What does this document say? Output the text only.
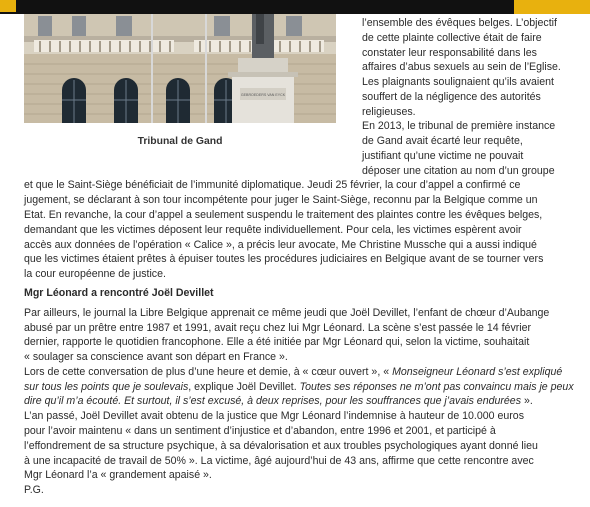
GEBROEDERS VAN EYCK
Tribunal de Gand
l’ensemble des évêques belges. L’objectif
de cette plainte collective était de faire
constater leur responsabilité dans les
affaires d’abus sexuels au sein de l’Eglise.
Les plaignants soulignaient qu’ils avaient
souffert de la négligence des autorités
religieuses.
En 2013, le tribunal de première instance
de Gand avait écarté leur requête,
justifiant qu’une victime ne pouvait
déposer une citation au nom d’un groupe
et que le Saint-Siège bénéficiait de l’immunité diplomatique. Jeudi 25 février, la cour d’appel a confirmé ce
jugement, se déclarant à son tour incompétente pour juger le Saint-Siège, reconnu par la Belgique comme un
Etat. En revanche, la cour d’appel a seulement suspendu le traitement des plaintes contre les évêques belges,
demandant que les victimes déposent leur requête individuellement. Pour cela, les victimes espèrent avoir
accès aux données de l’opération « Calice », a précis leur avocate, Me Christine Mussche qui a aussi indiqué
que les victimes étaient prêtes à épuiser toutes les procédures judiciaires en Belgique avant de se tourner vers
la cour européenne de justice.
Mgr Léonard a rencontré Joël Devillet
Par ailleurs, le journal la Libre Belgique apprenait ce même jeudi que Joël Devillet, l’enfant de chœur d’Aubange
abusé par un prêtre entre 1987 et 1991, avait reçu chez lui Mgr Léonard. La scène s’est passée le 14 février
dernier, rapporte le quotidien francophone. Elle a été initiée par Mgr Léonard qui, selon la victime, souhaitait
« soulager sa conscience avant son départ en France ».
Lors de cette conversation de plus d’une heure et demie, à « cœur ouvert », « Monseigneur Léonard s’est expliqué
sur tous les points que je soulevais, explique Joël Devillet. Toutes ses réponses ne m’ont pas convaincu mais je peux
dire qu’il m’a écouté. Et surtout, il s’est excusé, à deux reprises, pour les souffrances que j’avais endurées ».
L’an passé, Joël Devillet avait obtenu de la justice que Mgr Léonard l’indemnise à hauteur de 10.000 euros
pour l’avoir maintenu « dans un sentiment d’injustice et d’abandon, entre 1996 et 2001, et participé à
l’effondrement de sa structure psychique, à sa dévalorisation et aux troubles psychologiques ayant donné lieu
à une incapacité de travail de 50% ». La victime, âgé aujourd’hui de 43 ans, affirme que cette rencontre avec
Mgr Léonard l’a « grandement apaisé ».
P.G.
